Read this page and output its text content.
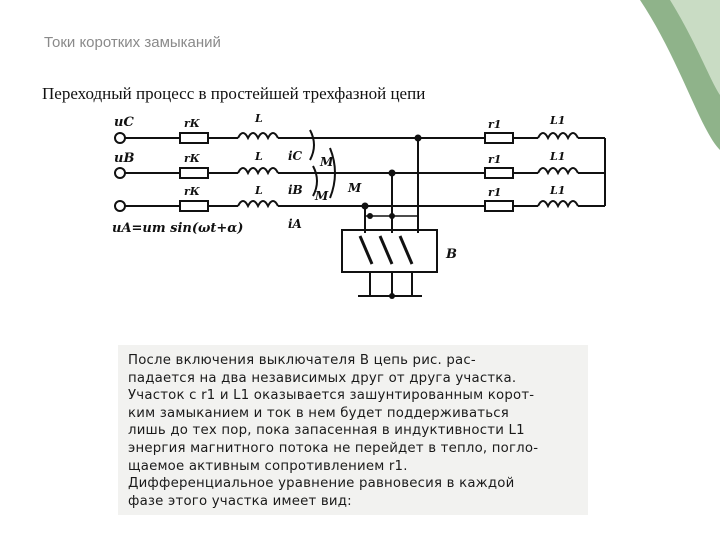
Токи коротких замыканий
Переходный процесс в простейшей трехфазной цепи
uC
uB
uA=um sin(ωt+α)
rК
rК
rК
L
L
L
iC
iB
iA
M
M
M
r1
r1
r1
L1
L1
L1
B
После включения выключателя B цепь рис. рас-
падается на два независимых друг от друга участка.
Участок с r1 и L1 оказывается зашунтированным корот-
ким замыканием и ток в нем будет поддерживаться
лишь до тех пор, пока запасенная в индуктивности L1
энергия магнитного потока не перейдет в тепло, погло-
щаемое активным сопротивлением r1.
Дифференциальное уравнение равновесия в каждой
фазе этого участка имеет вид:
